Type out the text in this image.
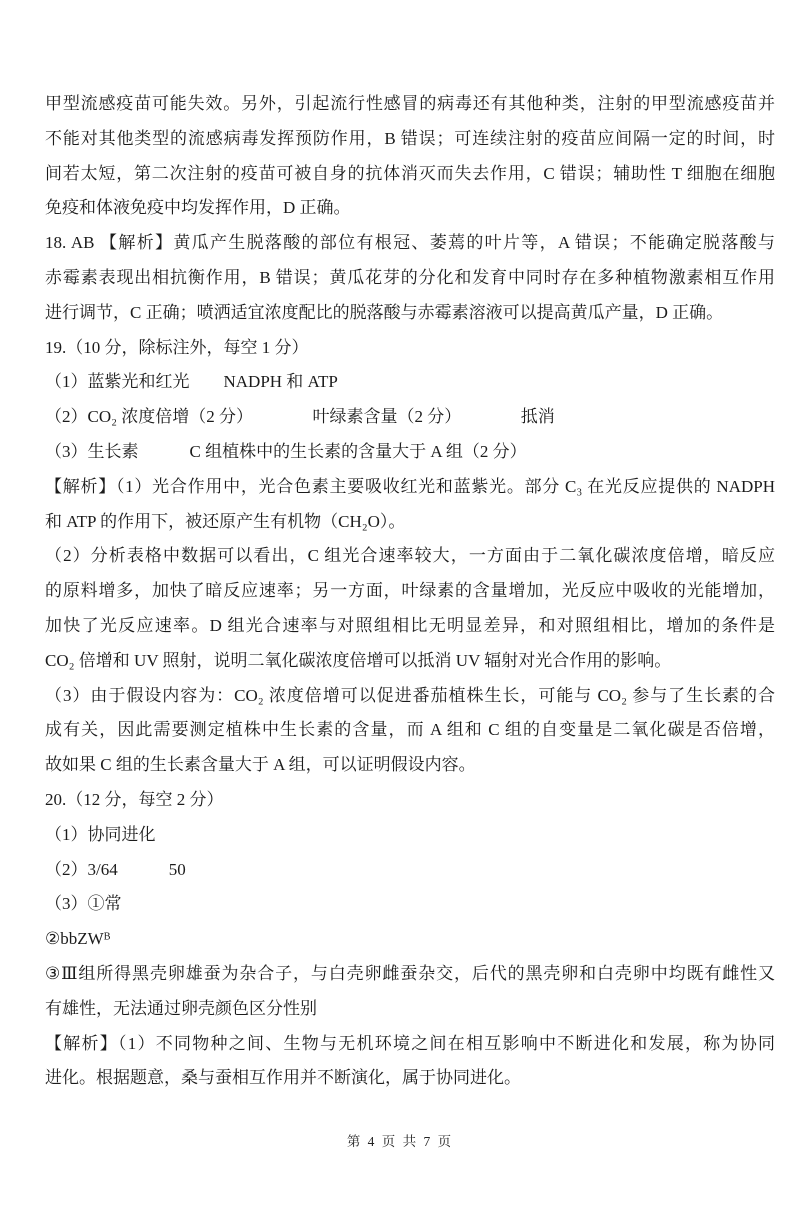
甲型流感疫苗可能失效。另外，引起流行性感冒的病毒还有其他种类，注射的甲型流感疫苗并
不能对其他类型的流感病毒发挥预防作用，B 错误；可连续注射的疫苗应间隔一定的时间，时
间若太短，第二次注射的疫苗可被自身的抗体消灭而失去作用，C 错误；辅助性 T 细胞在细胞
免疫和体液免疫中均发挥作用，D 正确。
18. AB 【解析】黄瓜产生脱落酸的部位有根冠、萎蔫的叶片等，A 错误；不能确定脱落酸与
赤霉素表现出相抗衡作用，B 错误；黄瓜花芽的分化和发育中同时存在多种植物激素相互作用
进行调节，C 正确；喷洒适宜浓度配比的脱落酸与赤霉素溶液可以提高黄瓜产量，D 正确。
19.（10 分，除标注外，每空 1 分）
（1）蓝紫光和红光　　NADPH 和 ATP
（2）CO₂ 浓度倍增（2 分）　　　　叶绿素含量（2 分）　　　　抵消
（3）生长素　　　C 组植株中的生长素的含量大于 A 组（2 分）
【解析】（1）光合作用中，光合色素主要吸收红光和蓝紫光。部分 C₃ 在光反应提供的 NADPH
和 ATP 的作用下，被还原产生有机物（CH₂O）。
（2）分析表格中数据可以看出，C 组光合速率较大，一方面由于二氧化碳浓度倍增，暗反应
的原料增多，加快了暗反应速率；另一方面，叶绿素的含量增加，光反应中吸收的光能增加，
加快了光反应速率。D 组光合速率与对照组相比无明显差异，和对照组相比，增加的条件是
CO₂ 倍增和 UV 照射，说明二氧化碳浓度倍增可以抵消 UV 辐射对光合作用的影响。
（3）由于假设内容为：CO₂ 浓度倍增可以促进番茄植株生长，可能与 CO₂ 参与了生长素的合
成有关，因此需要测定植株中生长素的含量，而 A 组和 C 组的自变量是二氧化碳是否倍增，
故如果 C 组的生长素含量大于 A 组，可以证明假设内容。
20.（12 分，每空 2 分）
（1）协同进化
（2）3/64　　　50
（3）①常
②bbZWᴮ
③Ⅲ组所得黑壳卵雄蚕为杂合子，与白壳卵雌蚕杂交，后代的黑壳卵和白壳卵中均既有雌性又
有雄性，无法通过卵壳颜色区分性别
【解析】（1）不同物种之间、生物与无机环境之间在相互影响中不断进化和发展，称为协同
进化。根据题意，桑与蚕相互作用并不断演化，属于协同进化。
第 4 页 共 7 页
